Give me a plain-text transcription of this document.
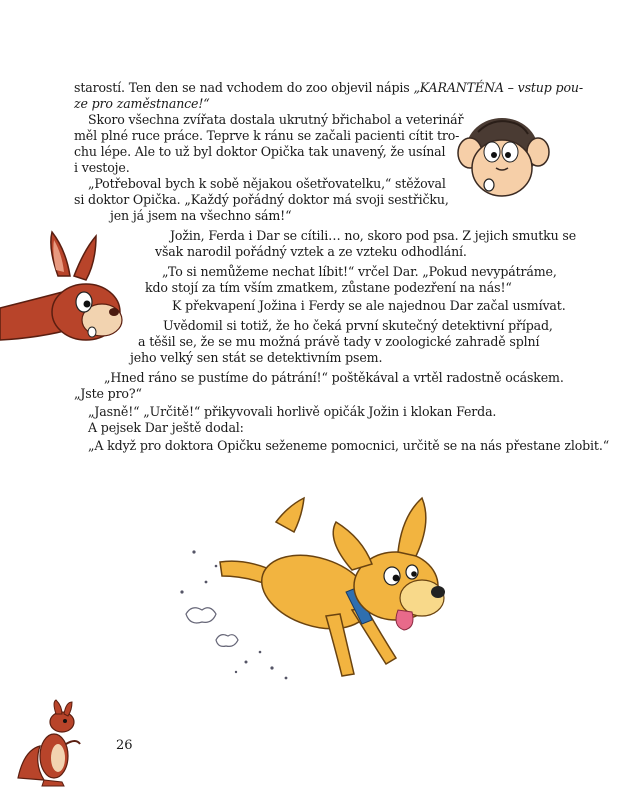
starostí. Ten den se nad vchodem do zoo objevil nápis „KARANTÉNA – vstup pou-
ze pro zaměstnance!“
Skoro všechna zvířata dostala ukrutný břichabol a veterinář
měl plné ruce práce. Teprve k ránu se začali pacienti cítit tro-
chu lépe. Ale to už byl doktor Opička tak unavený, že usínal
i vestoje.
„Potřeboval bych k sobě nějakou ošetřovatelku,“ stěžoval
si doktor Opička. „Každý pořádný doktor má svoji sestřičku,
jen já jsem na všechno sám!“
Jožin, Ferda i Dar se cítili… no, skoro pod psa. Z jejich smutku se
však narodil pořádný vztek a ze vzteku odhodlání.
„To si nemůžeme nechat líbit!“ vrčel Dar. „Pokud nevypátráme,
kdo stojí za tím vším zmatkem, zůstane podezření na nás!“
K překvapení Jožina i Ferdy se ale najednou Dar začal usmívat.
Uvědomil si totiž, že ho čeká první skutečný detektivní případ,
a těšil se, že se mu možná právě tady v zoologické zahradě splní
jeho velký sen stát se detektivním psem.
„Hned ráno se pustíme do pátrání!“ poštěkával a vrtěl radostně ocáskem.
„Jste pro?“
„Jasně!“ „Určitě!“ přikyvovali horlivě opičák Jožin i klokan Ferda.
A pejsek Dar ještě dodal:
„A když pro doktora Opičku seženeme pomocnici, určitě se na nás přestane zlobit.“
26
